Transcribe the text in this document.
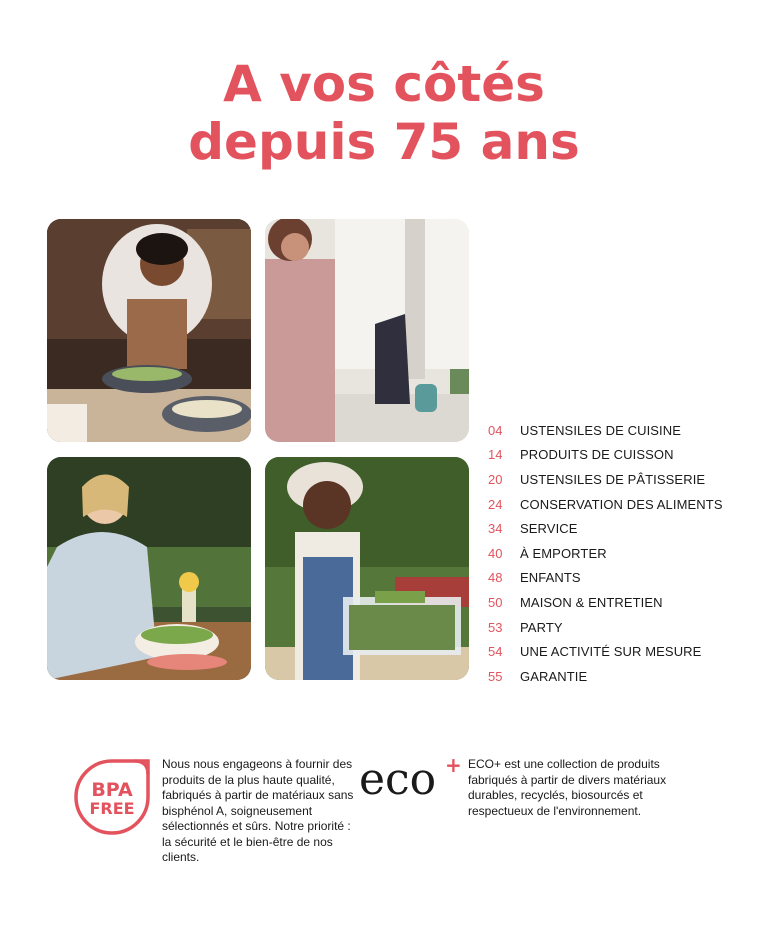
A vos côtés
depuis 75 ans
04	USTENSILES DE CUISINE
14	PRODUITS DE CUISSON
20	USTENSILES DE PÂTISSERIE
24	CONSERVATION DES ALIMENTS
34	SERVICE
40	À EMPORTER
48	ENFANTS
50	MAISON & ENTRETIEN
53	PARTY
54	UNE ACTIVITÉ SUR MESURE
55	GARANTIE
BPA
FREE

Nous nous engageons à fournir des produits de la plus haute qualité, fabriqués à partir de matériaux sans bisphénol A, soigneusement sélectionnés et sûrs. Notre priorité : la sécurité et le bien-être de nos clients.

eco + ECO+ est une collection de produits fabriqués à partir de divers matériaux durables, recyclés, biosourcés et respectueux de l'environnement.
